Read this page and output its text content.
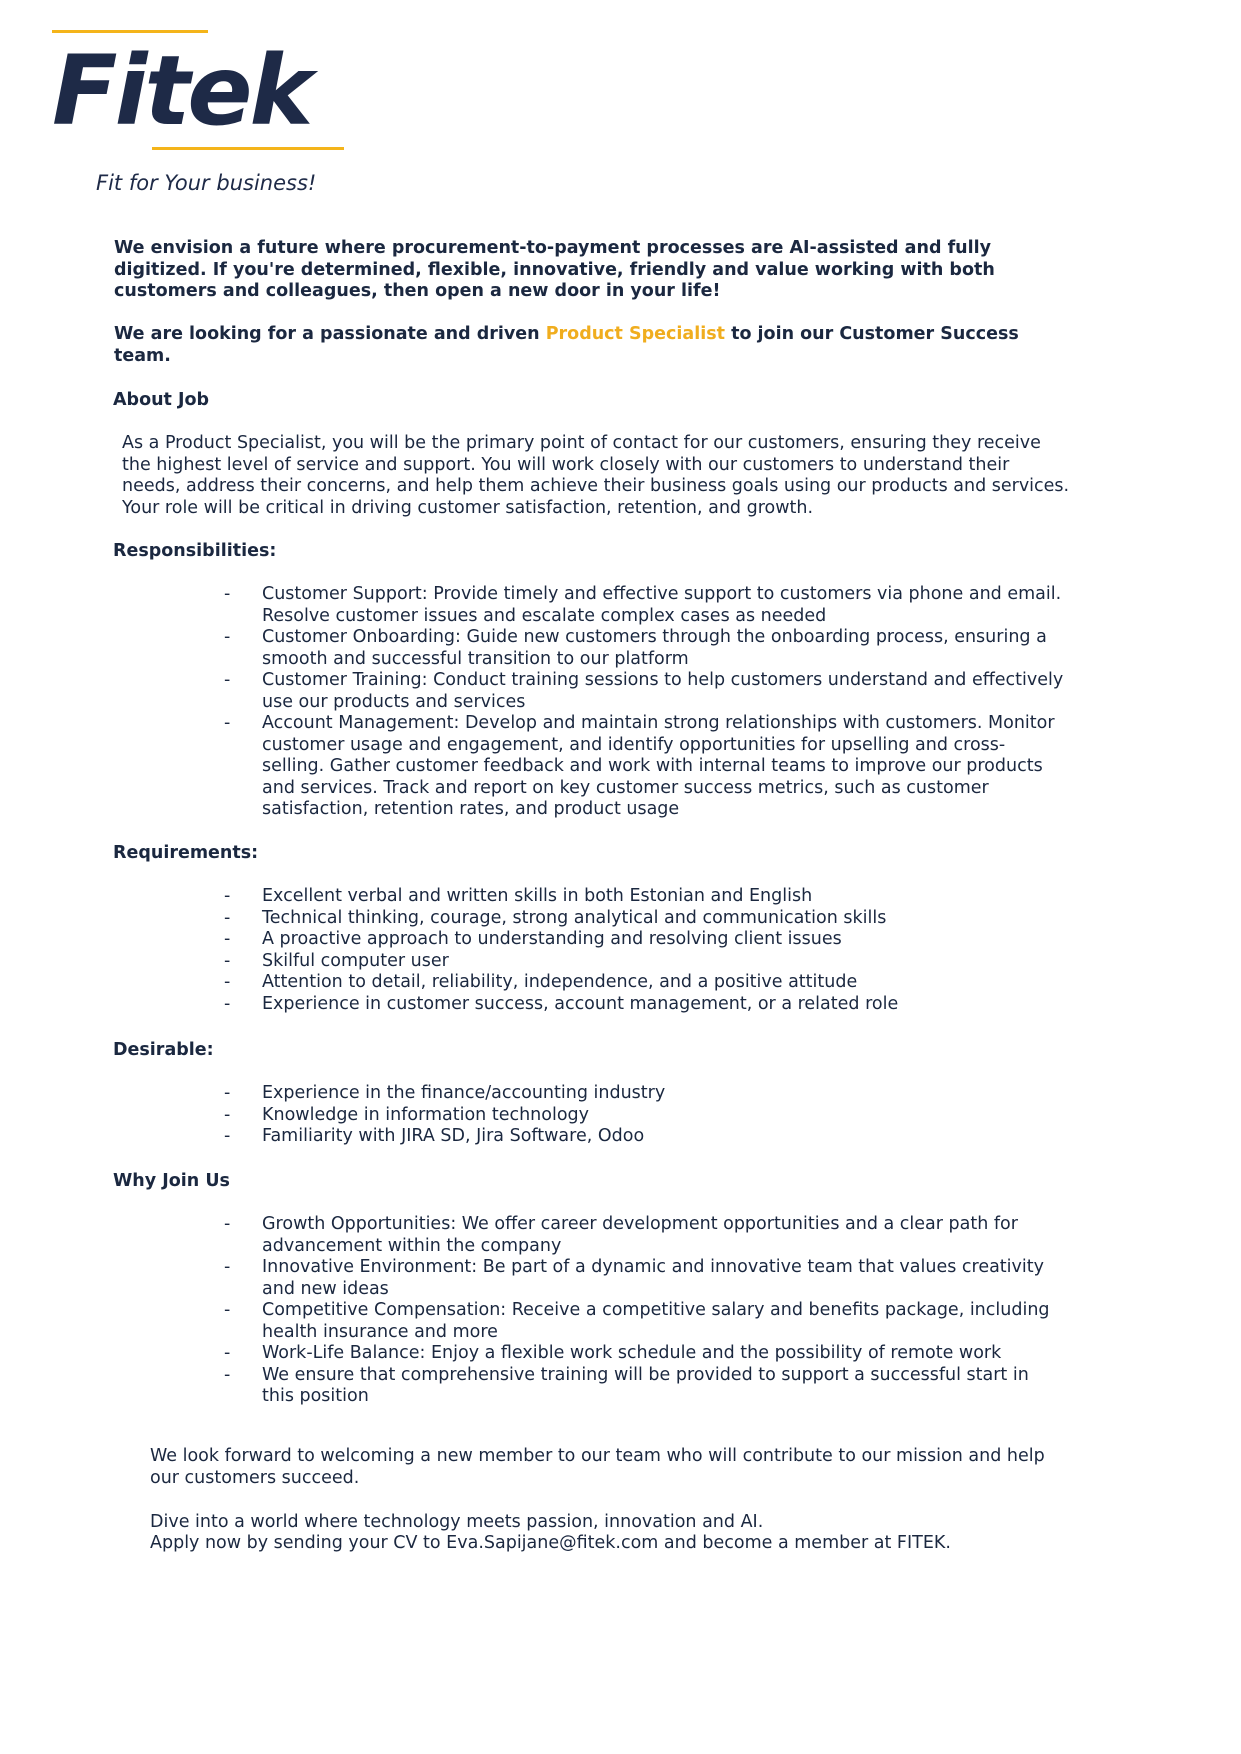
Fitek
Fit for Your business!

We envision a future where procurement-to-payment processes are AI-assisted and fully digitized. If you're determined, flexible, innovative, friendly and value working with both customers and colleagues, then open a new door in your life!

We are looking for a passionate and driven Product Specialist to join our Customer Success team.

About Job

As a Product Specialist, you will be the primary point of contact for our customers, ensuring they receive the highest level of service and support. You will work closely with our customers to understand their needs, address their concerns, and help them achieve their business goals using our products and services. Your role will be critical in driving customer satisfaction, retention, and growth.

Responsibilities:
- Customer Support: Provide timely and effective support to customers via phone and email. Resolve customer issues and escalate complex cases as needed
- Customer Onboarding: Guide new customers through the onboarding process, ensuring a smooth and successful transition to our platform
- Customer Training: Conduct training sessions to help customers understand and effectively use our products and services
- Account Management: Develop and maintain strong relationships with customers. Monitor customer usage and engagement, and identify opportunities for upselling and cross-selling. Gather customer feedback and work with internal teams to improve our products and services. Track and report on key customer success metrics, such as customer satisfaction, retention rates, and product usage
Requirements:
- Excellent verbal and written skills in both Estonian and English
- Technical thinking, courage, strong analytical and communication skills
- A proactive approach to understanding and resolving client issues
- Skilful computer user
- Attention to detail, reliability, independence, and a positive attitude
- Experience in customer success, account management, or a related role
Desirable:
- Experience in the finance/accounting industry
- Knowledge in information technology
- Familiarity with JIRA SD, Jira Software, Odoo
Why Join Us
- Growth Opportunities: We offer career development opportunities and a clear path for advancement within the company
- Innovative Environment: Be part of a dynamic and innovative team that values creativity and new ideas
- Competitive Compensation: Receive a competitive salary and benefits package, including health insurance and more
- Work-Life Balance: Enjoy a flexible work schedule and the possibility of remote work
- We ensure that comprehensive training will be provided to support a successful start in this position

We look forward to welcoming a new member to our team who will contribute to our mission and help our customers succeed.

Dive into a world where technology meets passion, innovation and AI.

Apply now by sending your CV to Eva.Sapijane@fitek.com and become a member at FITEK.
